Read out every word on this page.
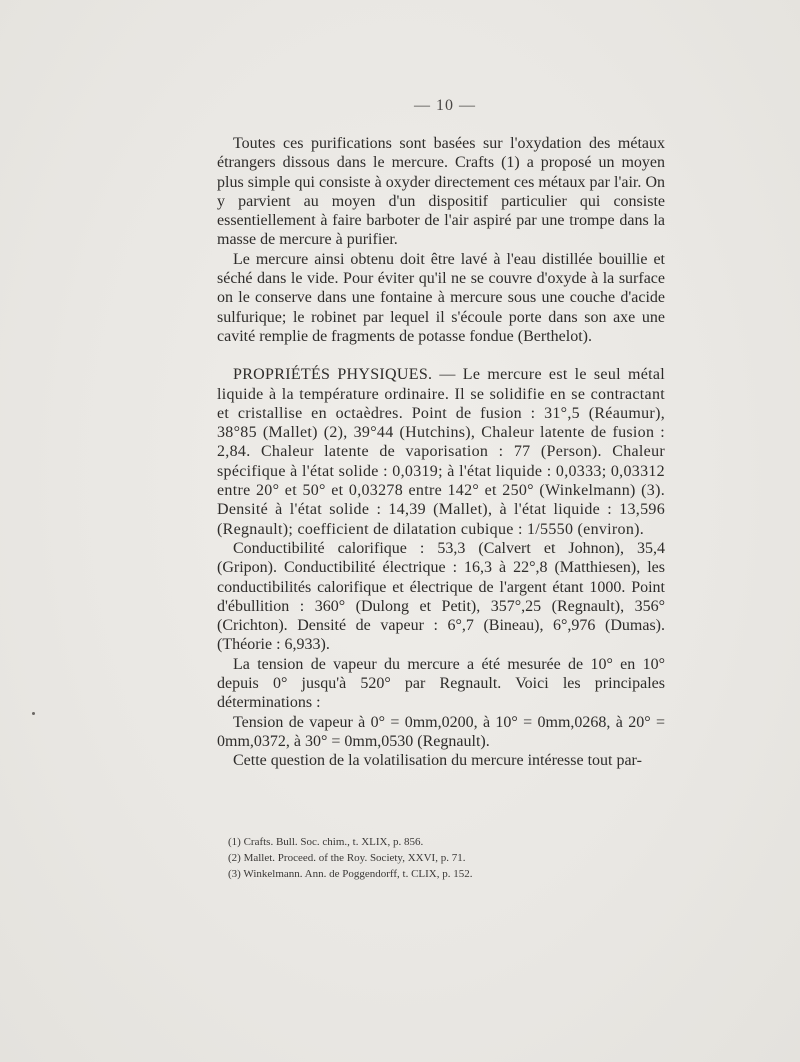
— 10 —

Toutes ces purifications sont basées sur l'oxydation des métaux étrangers dissous dans le mercure. Crafts (1) a proposé un moyen plus simple qui consiste à oxyder directement ces métaux par l'air. On y parvient au moyen d'un dispositif particulier qui consiste essentiellement à faire barboter de l'air aspiré par une trompe dans la masse de mercure à purifier.

Le mercure ainsi obtenu doit être lavé à l'eau distillée bouillie et séché dans le vide. Pour éviter qu'il ne se couvre d'oxyde à la surface on le conserve dans une fontaine à mercure sous une couche d'acide sulfurique; le robinet par lequel il s'écoule porte dans son axe une cavité remplie de fragments de potasse fondue (Berthelot).

PROPRIÉTÉS PHYSIQUES. — Le mercure est le seul métal liquide à la température ordinaire. Il se solidifie en se contractant et cristallise en octaèdres. Point de fusion : 31°,5 (Réaumur), 38°85 (Mallet) (2), 39°44 (Hutchins), Chaleur latente de fusion : 2,84. Chaleur latente de vaporisation : 77 (Person). Chaleur spécifique à l'état solide : 0,0319; à l'état liquide : 0,0333; 0,03312 entre 20° et 50° et 0,03278 entre 142° et 250° (Winkelmann) (3). Densité à l'état solide : 14,39 (Mallet), à l'état liquide : 13,596 (Regnault); coefficient de dilatation cubique : 1/5550 (environ).

Conductibilité calorifique : 53,3 (Calvert et Johnon), 35,4 (Gripon). Conductibilité électrique : 16,3 à 22°,8 (Matthiesen), les conductibilités calorifique et électrique de l'argent étant 1000. Point d'ébullition : 360° (Dulong et Petit), 357°,25 (Regnault), 356° (Crichton). Densité de vapeur : 6°,7 (Bineau), 6°,976 (Dumas). (Théorie : 6,933).

La tension de vapeur du mercure a été mesurée de 10° en 10° depuis 0° jusqu'à 520° par Regnault. Voici les principales déterminations :

Tension de vapeur à 0° = 0mm,0200, à 10° = 0mm,0268, à 20° = 0mm,0372, à 30° = 0mm,0530 (Regnault).

Cette question de la volatilisation du mercure intéresse tout par-

(1) Crafts. Bull. Soc. chim., t. XLIX, p. 856.

(2) Mallet. Proceed. of the Roy. Society, XXVI, p. 71.

(3) Winkelmann. Ann. de Poggendorff, t. CLIX, p. 152.
